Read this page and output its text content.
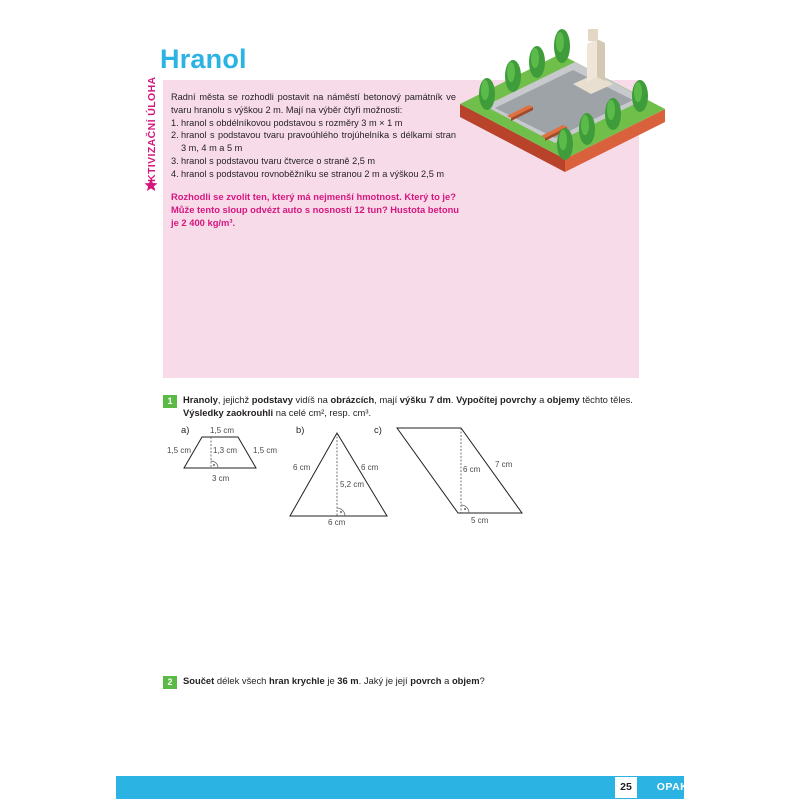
Hranol
AKTIVIZAČNÍ ÚLOHA Radní města se rozhodli postavit na náměstí betonový památník ve tvaru hranolu s výškou 2 m. Mají na výběr čtyři možnosti:
1. hranol s obdélníkovou podstavou s rozměry 3 m × 1 m
2. hranol s podstavou tvaru pravoúhlého trojúhelníka s délkami stran 3 m, 4 m a 5 m
3. hranol s podstavou tvaru čtverce o straně 2,5 m
4. hranol s podstavou rovnoběžníku se stranou 2 m a výškou 2,5 m
Rozhodli se zvolit ten, který má nejmenší hmotnost. Který to je? Může tento sloup odvézt auto s nosností 12 tun? Hustota betonu je 2 400 kg/m³.
1	Hranoly, jejichž podstavy vidíš na obrázcích, mají výšku 7 dm. Vypočítej povrchy a objemy těchto těles.
Výsledky zaokrouhli na celé cm², resp. cm³.
a)	1,5 cm
1,5 cm	1,5 cm
1,3 cm
3 cm
b)
6 cm	6 cm
5,2 cm
6 cm
c)
6 cm
7 cm
5 cm
2	Součet délek všech hran krychle je 36 m. Jaký je její povrch a objem?
OPAKOVÁNÍ
25
